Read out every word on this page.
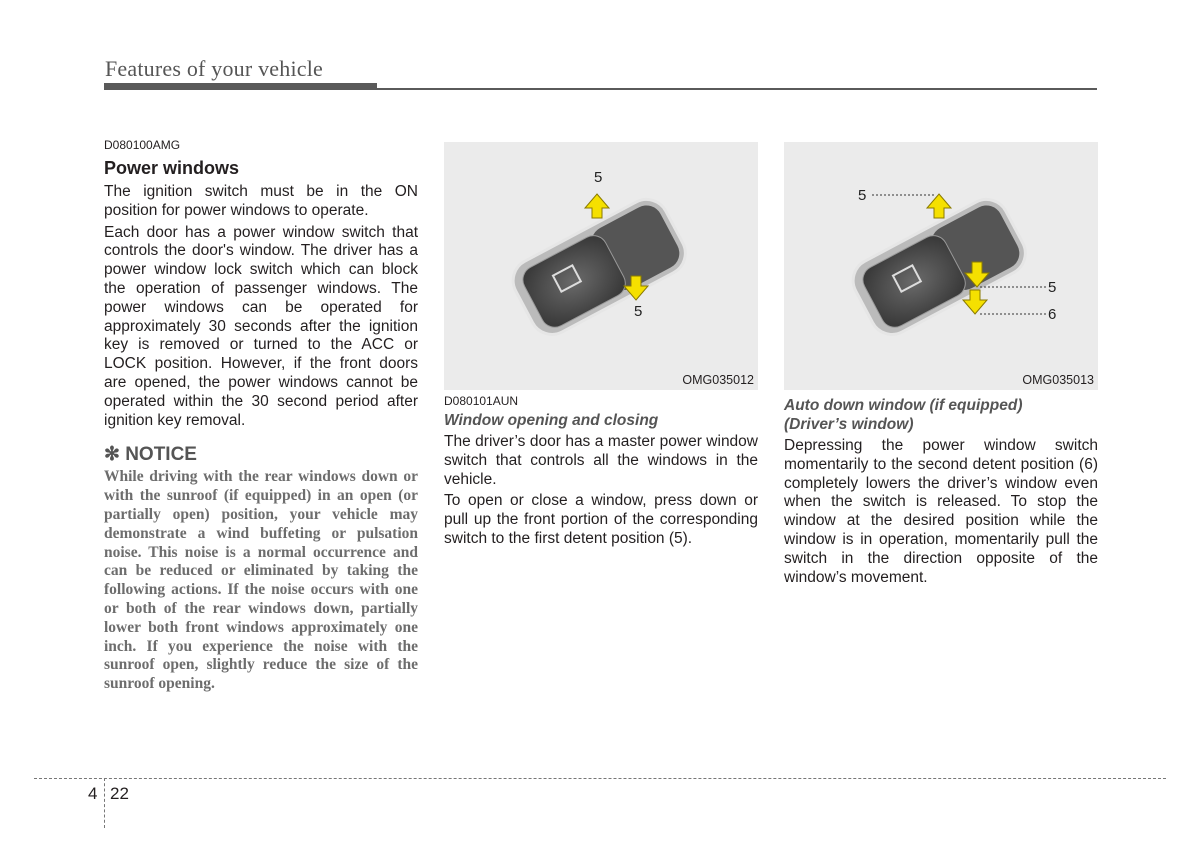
Features of your vehicle

D080100AMG

Power windows

The ignition switch must be in the ON position for power windows to operate.

Each door has a power window switch that controls the door's window. The driver has a power window lock switch which can block the operation of passenger windows. The power windows can be operated for approximately 30 seconds after the ignition key is removed or turned to the ACC or LOCK position. However, if the front doors are opened, the power windows cannot be operated within the 30 second period after ignition key removal.

✻ NOTICE

While driving with the rear windows down or with the sunroof (if equipped) in an open (or partially open) position, your vehicle may demonstrate a wind buffeting or pulsation noise. This noise is a normal occurrence and can be reduced or eliminated by taking the following actions. If the noise occurs with one or both of the rear windows down, partially lower both front windows approximately one inch. If you experience the noise with the sunroof open, slightly reduce the size of the sunroof opening.

5
5
OMG035012
5
5
6
OMG035013

D080101AUN

Window opening and closing

The driver’s door has a master power window switch that controls all the windows in the vehicle.

To open or close a window, press down or pull up the front portion of the corresponding switch to the first detent position (5).

Auto down window (if equipped)
(Driver’s window)

Depressing the power window switch momentarily to the second detent position (6) completely lowers the driver’s window even when the switch is released. To stop the window at the desired position while the window is in operation, momentarily pull the switch in the direction opposite of the window’s movement.

4 22
